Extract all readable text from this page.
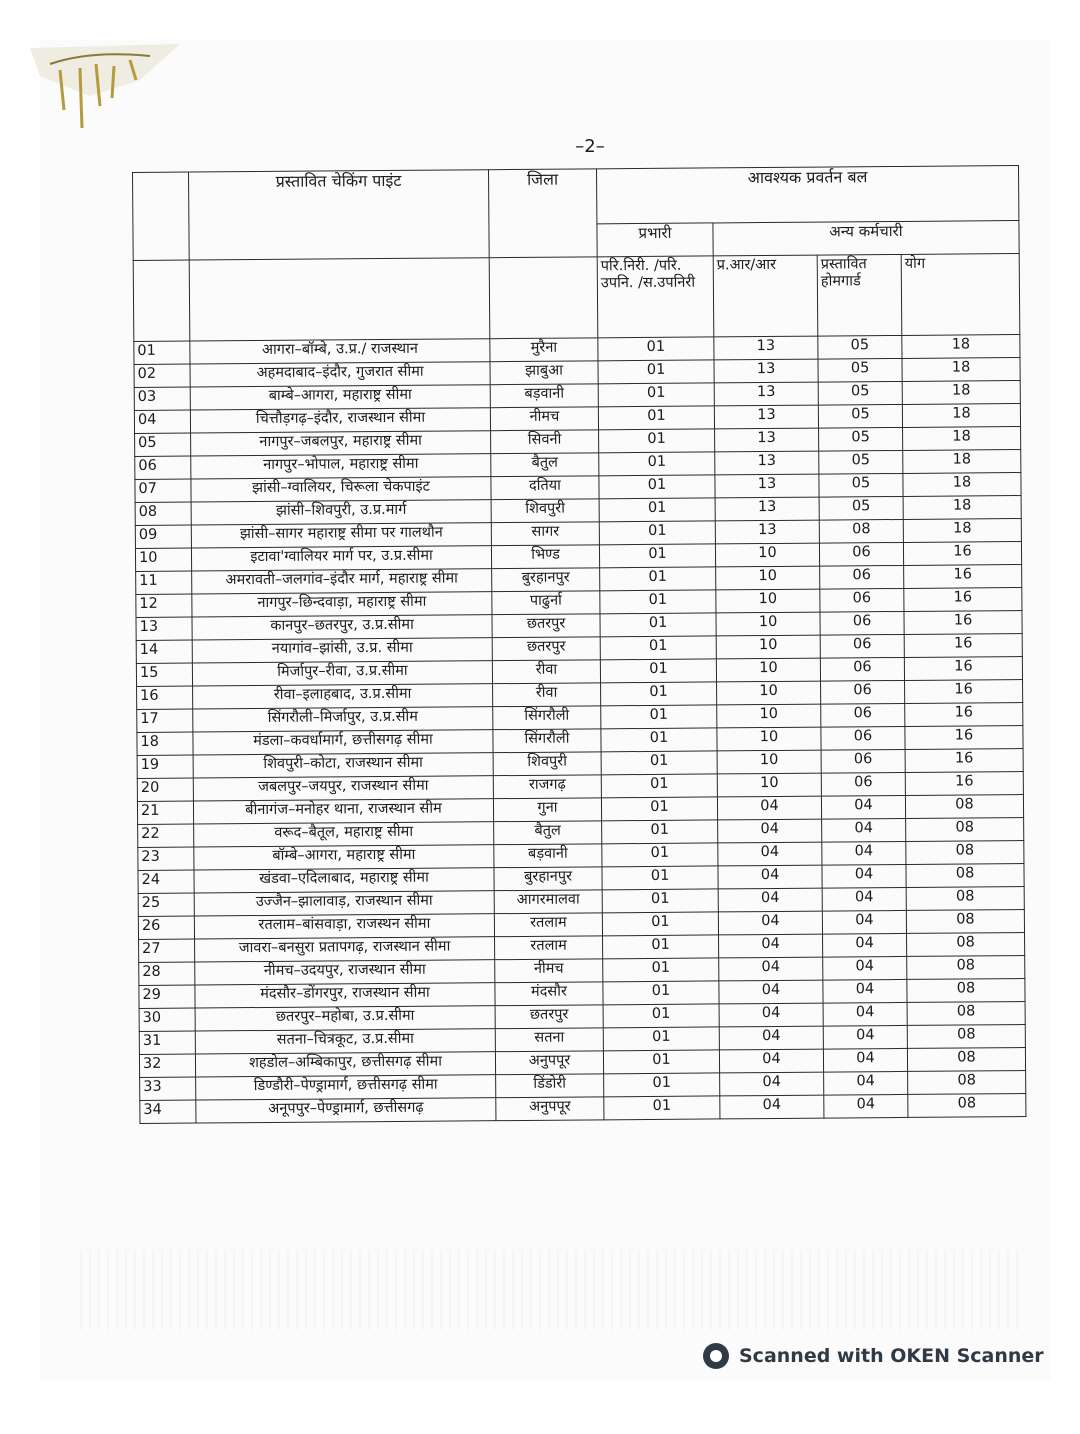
–2–
	प्रस्तावित चेकिंग पाइंट	जिला	आवश्यक प्रवर्तन बल			
			प्रभारी	अन्य कर्मचारी		
			परि.निरी. /परि. उपनि. /स.उपनिरी	प्र.आर/आर	प्रस्तावित होमगार्ड	योग
01	आगरा–बॉम्बे, उ.प्र./ राजस्थान	मुरैना	01	13	05	18
02	अहमदाबाद–इंदौर, गुजरात सीमा	झाबुआ	01	13	05	18
03	बाम्बे–आगरा, महाराष्ट्र सीमा	बड़वानी	01	13	05	18
04	चित्तौड़गढ़–इंदौर, राजस्थान सीमा	नीमच	01	13	05	18
05	नागपुर–जबलपुर, महाराष्ट्र सीमा	सिवनी	01	13	05	18
06	नागपुर–भोपाल, महाराष्ट्र सीमा	बैतुल	01	13	05	18
07	झांसी–ग्वालियर, चिरूला चेकपाइंट	दतिया	01	13	05	18
08	झांसी–शिवपुरी, उ.प्र.मार्ग	शिवपुरी	01	13	05	18
09	झांसी–सागर महाराष्ट्र सीमा पर गालथौन	सागर	01	13	08	18
10	इटावा'ग्वालियर मार्ग पर, उ.प्र.सीमा	भिण्ड	01	10	06	16
11	अमरावती–जलगांव–इंदौर मार्ग, महाराष्ट्र सीमा	बुरहानपुर	01	10	06	16
12	नागपुर–छिन्दवाड़ा, महाराष्ट्र सीमा	पाढुर्ना	01	10	06	16
13	कानपुर–छतरपुर, उ.प्र.सीमा	छतरपुर	01	10	06	16
14	नयागांव–झांसी, उ.प्र. सीमा	छतरपुर	01	10	06	16
15	मिर्जापुर–रीवा, उ.प्र.सीमा	रीवा	01	10	06	16
16	रीवा–इलाहबाद, उ.प्र.सीमा	रीवा	01	10	06	16
17	सिंगरौली–मिर्जापुर, उ.प्र.सीम	सिंगरौली	01	10	06	16
18	मंडला–कवर्धामार्ग, छत्तीसगढ़ सीमा	सिंगरौली	01	10	06	16
19	शिवपुरी–कोटा, राजस्थान सीमा	शिवपुरी	01	10	06	16
20	जबलपुर–जयपुर, राजस्थान सीमा	राजगढ़	01	10	06	16
21	बीनागंज–मनोहर थाना, राजस्थान सीम	गुना	01	04	04	08
22	वरूद–बैतूल, महाराष्ट्र सीमा	बैतुल	01	04	04	08
23	बॉम्बे–आगरा, महाराष्ट्र सीमा	बड़वानी	01	04	04	08
24	खंडवा–एदिलाबाद, महाराष्ट्र सीमा	बुरहानपुर	01	04	04	08
25	उज्जैन–झालावाड़, राजस्थान सीमा	आगरमालवा	01	04	04	08
26	रतलाम–बांसवाड़ा, राजस्थन सीमा	रतलाम	01	04	04	08
27	जावरा–बनसुरा प्रतापगढ़, राजस्थान सीमा	रतलाम	01	04	04	08
28	नीमच–उदयपुर, राजस्थान सीमा	नीमच	01	04	04	08
29	मंदसौर–डोंगरपुर, राजस्थान सीमा	मंदसौर	01	04	04	08
30	छतरपुर–महोबा, उ.प्र.सीमा	छतरपुर	01	04	04	08
31	सतना–चित्रकूट, उ.प्र.सीमा	सतना	01	04	04	08
32	शहडोल–अम्बिकापुर, छत्तीसगढ़ सीमा	अनुपपूर	01	04	04	08
33	डिण्डौरी–पेण्ड्रामार्ग, छत्तीसगढ़ सीमा	डिंडोरी	01	04	04	08
34	अनूपपुर–पेण्ड्रामार्ग, छत्तीसगढ़	अनुपपूर	01	04	04	08
Scanned with OKEN Scanner
